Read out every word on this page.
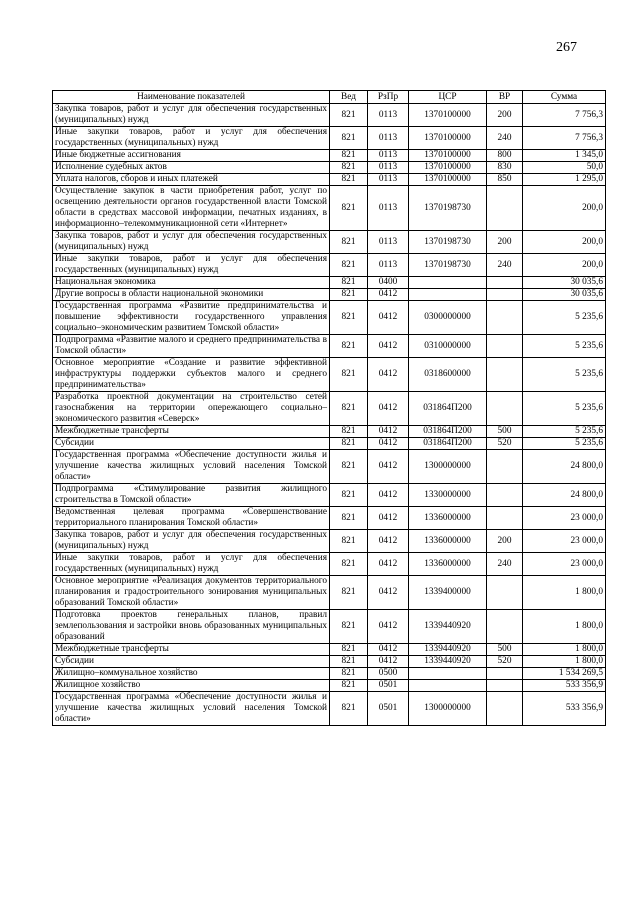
267
Наименование показателей	Вед	РзПр	ЦСР	ВР	Сумма
Закупка товаров, работ и услуг для обеспечения государственных (муниципальных) нужд	821	0113	1370100000	200	7 756,3
Иные закупки товаров, работ и услуг для обеспечения государственных (муниципальных) нужд	821	0113	1370100000	240	7 756,3
Иные бюджетные ассигнования	821	0113	1370100000	800	1 345,0
Исполнение судебных актов	821	0113	1370100000	830	50,0
Уплата налогов, сборов и иных платежей	821	0113	1370100000	850	1 295,0
Осуществление закупок в части приобретения работ, услуг по освещению деятельности органов государственной власти Томской области в средствах массовой информации, печатных изданиях, в информационно–телекоммуникационной сети «Интернет»	821	0113	1370198730		200,0
Закупка товаров, работ и услуг для обеспечения государственных (муниципальных) нужд	821	0113	1370198730	200	200,0
Иные закупки товаров, работ и услуг для обеспечения государственных (муниципальных) нужд	821	0113	1370198730	240	200,0
Национальная экономика	821	0400			30 035,6
Другие вопросы в области национальной экономики	821	0412			30 035,6
Государственная программа «Развитие предпринимательства и повышение эффективности государственного управления социально–экономическим развитием Томской области»	821	0412	0300000000		5 235,6
Подпрограмма «Развитие малого и среднего предпринимательства в Томской области»	821	0412	0310000000		5 235,6
Основное мероприятие «Создание и развитие эффективной инфраструктуры поддержки субъектов малого и среднего предпринимательства»	821	0412	0318600000		5 235,6
Разработка проектной документации на строительство сетей газоснабжения на территории опережающего социально–экономического развития «Северск»	821	0412	031864П200		5 235,6
Межбюджетные трансферты	821	0412	031864П200	500	5 235,6
Субсидии	821	0412	031864П200	520	5 235,6
Государственная программа «Обеспечение доступности жилья и улучшение качества жилищных условий населения Томской области»	821	0412	1300000000		24 800,0
Подпрограмма «Стимулирование развития жилищного строительства в Томской области»	821	0412	1330000000		24 800,0
Ведомственная целевая программа «Совершенствование территориального планирования Томской области»	821	0412	1336000000		23 000,0
Закупка товаров, работ и услуг для обеспечения государственных (муниципальных) нужд	821	0412	1336000000	200	23 000,0
Иные закупки товаров, работ и услуг для обеспечения государственных (муниципальных) нужд	821	0412	1336000000	240	23 000,0
Основное мероприятие «Реализация документов территориального планирования и градостроительного зонирования муниципальных образований Томской области»	821	0412	1339400000		1 800,0
Подготовка проектов генеральных планов, правил землепользования и застройки вновь образованных муниципальных образований	821	0412	1339440920		1 800,0
Межбюджетные трансферты	821	0412	1339440920	500	1 800,0
Субсидии	821	0412	1339440920	520	1 800,0
Жилищно–коммунальное хозяйство	821	0500			1 534 269,5
Жилищное хозяйство	821	0501			533 356,9
Государственная программа «Обеспечение доступности жилья и улучшение качества жилищных условий населения Томской области»	821	0501	1300000000		533 356,9
